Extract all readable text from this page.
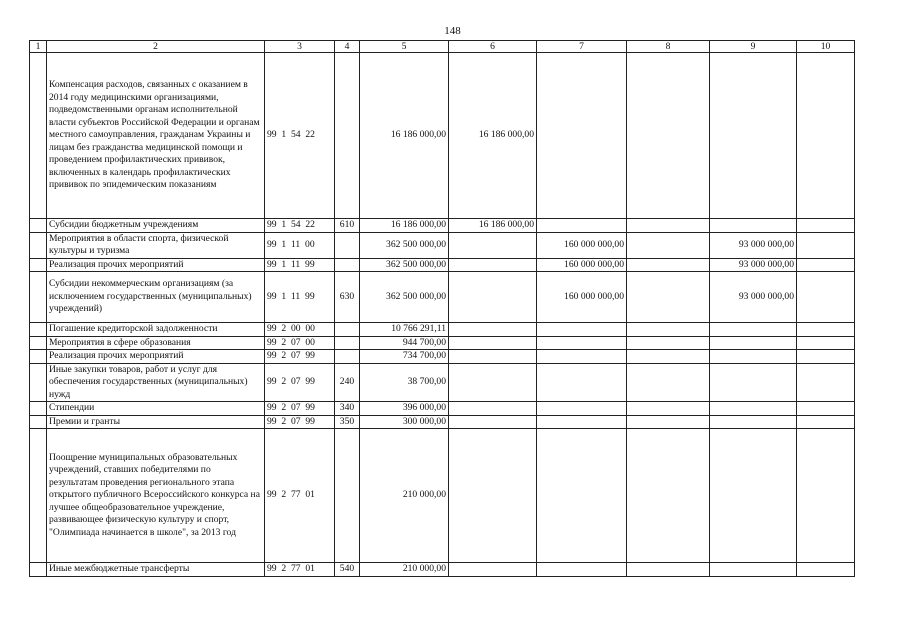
148
1	2	3	4	5	6	7	8	9	10
	Компенсация расходов, связанных с оказанием в 2014 году медицинскими организациями, подведомственными органам исполнительной власти субъектов Российской Федерации и органам местного самоуправления, гражданам Украины и лицам без гражданства медицинской помощи и проведением профилактических прививок, включенных в календарь профилактических прививок по эпидемическим показаниям	99  1  54  22		16 186 000,00	16 186 000,00				
	Субсидии бюджетным учреждениям	99  1  54  22	610	16 186 000,00	16 186 000,00				
	Мероприятия в области спорта, физической культуры и туризма	99  1  11  00		362 500 000,00		160 000 000,00		93 000 000,00	
	Реализация прочих мероприятий	99  1  11  99		362 500 000,00		160 000 000,00		93 000 000,00	
	Субсидии некоммерческим организациям (за исключением государственных (муниципальных) учреждений)	99  1  11  99	630	362 500 000,00		160 000 000,00		93 000 000,00	
	Погашение кредиторской задолженности	99  2  00  00		10 766 291,11					
	Мероприятия в сфере образования	99  2  07  00		944 700,00					
	Реализация прочих мероприятий	99  2  07  99		734 700,00					
	Иные закупки товаров, работ и услуг для обеспечения государственных (муниципальных) нужд	99  2  07  99	240	38 700,00					
	Стипендии	99  2  07  99	340	396 000,00					
	Премии и гранты	99  2  07  99	350	300 000,00					
	Поощрение муниципальных образовательных учреждений, ставших победителями по результатам проведения регионального этапа открытого публичного Всероссийского конкурса на лучшее общеобразовательное учреждение, развивающее физическую культуру и спорт, "Олимпиада начинается в школе", за 2013 год	99  2  77  01		210 000,00					
	Иные межбюджетные трансферты	99  2  77  01	540	210 000,00					
